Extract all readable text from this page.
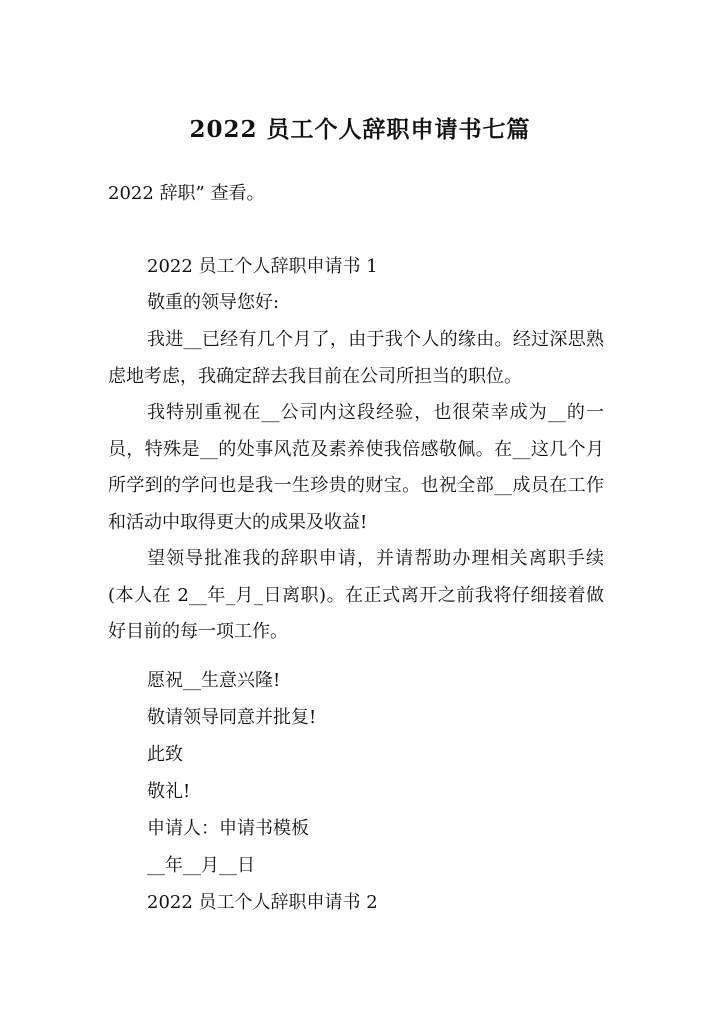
2022 员工个人辞职申请书七篇
2022 辞职” 查看。
2022 员工个人辞职申请书 1
敬重的领导您好:
我进__已经有几个月了，由于我个人的缘由。经过深思熟虑地考虑，我确定辞去我目前在公司所担当的职位。
我特别重视在__公司内这段经验，也很荣幸成为__的一员，特殊是__的处事风范及素养使我倍感敬佩。在__这几个月所学到的学问也是我一生珍贵的财宝。也祝全部__成员在工作和活动中取得更大的成果及收益!
望领导批准我的辞职申请，并请帮助办理相关离职手续(本人在 2__年_月_日离职)。在正式离开之前我将仔细接着做好目前的每一项工作。
愿祝__生意兴隆!
敬请领导同意并批复!
此致
敬礼!
申请人：申请书模板
__年__月__日
2022 员工个人辞职申请书 2
